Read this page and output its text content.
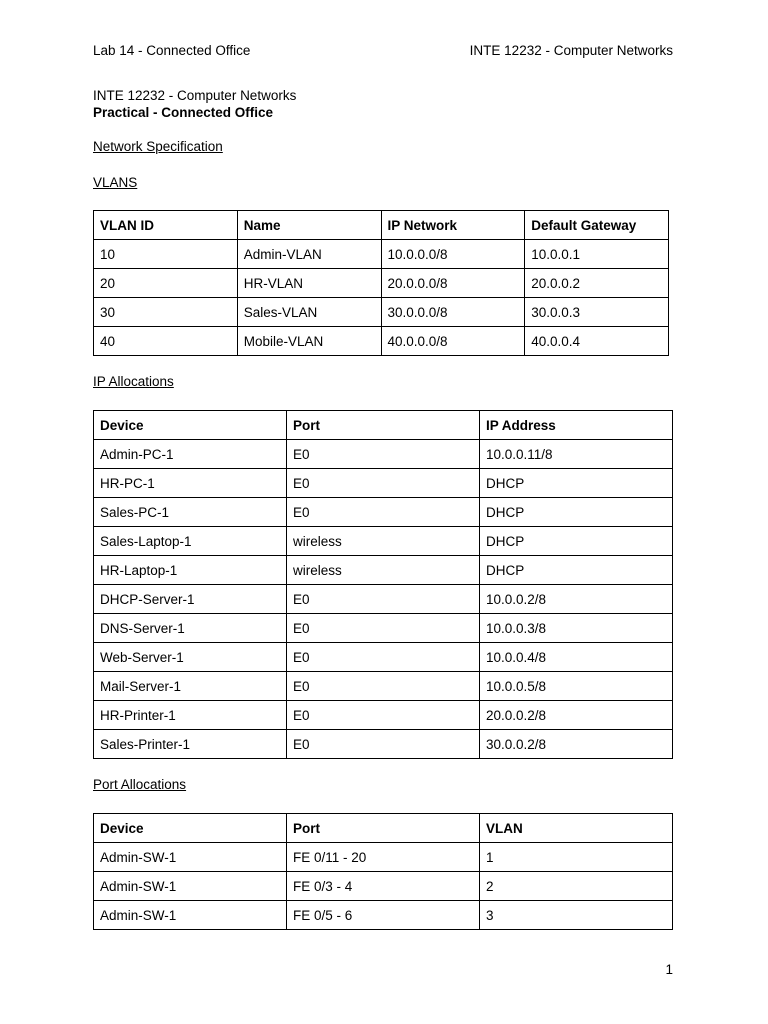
Lab 14 - Connected Office	INTE 12232 - Computer Networks
INTE 12232 - Computer Networks
Practical - Connected Office
Network Specification
VLANS
VLAN ID	Name	IP Network	Default Gateway
10	Admin-VLAN	10.0.0.0/8	10.0.0.1
20	HR-VLAN	20.0.0.0/8	20.0.0.2
30	Sales-VLAN	30.0.0.0/8	30.0.0.3
40	Mobile-VLAN	40.0.0.0/8	40.0.0.4
IP Allocations
Device	Port	IP Address
Admin-PC-1	E0	10.0.0.11/8
HR-PC-1	E0	DHCP
Sales-PC-1	E0	DHCP
Sales-Laptop-1	wireless	DHCP
HR-Laptop-1	wireless	DHCP
DHCP-Server-1	E0	10.0.0.2/8
DNS-Server-1	E0	10.0.0.3/8
Web-Server-1	E0	10.0.0.4/8
Mail-Server-1	E0	10.0.0.5/8
HR-Printer-1	E0	20.0.0.2/8
Sales-Printer-1	E0	30.0.0.2/8
Port Allocations
Device	Port	VLAN
Admin-SW-1	FE 0/11 - 20	1
Admin-SW-1	FE 0/3 - 4	2
Admin-SW-1	FE 0/5 - 6	3
1
